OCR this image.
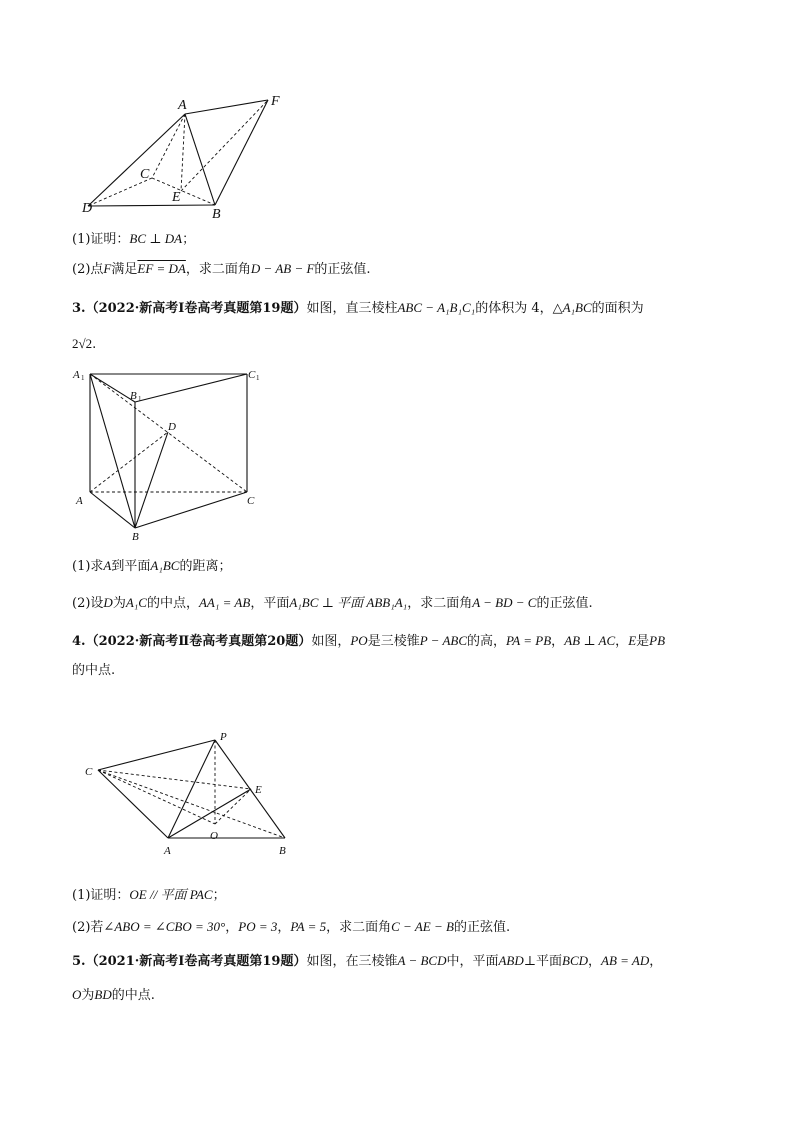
A	F
C
E
D	B
(1)证明：BC ⊥ DA；
(2)点F满足EF = DA，求二面角D − AB − F的正弦值.
3.（2022·新高考Ⅰ卷高考真题第19题）如图，直三棱柱ABC − A₁B₁C₁的体积为 4，△A₁BC的面积为
2√2.
A 1
B 1
C 1
D
A	C
B
(1)求A到平面A₁BC的距离；
(2)设D为A₁C的中点，AA₁ = AB，平面A₁BC ⊥ 平面 ABB₁A₁，求二面角A − BD − C的正弦值.
4.（2022·新高考Ⅱ卷高考真题第20题）如图，PO是三棱锥P − ABC的高，PA = PB，AB ⊥ AC，E是PB
的中点.
P
C
E
O
A	B
(1)证明：OE // 平面 PAC；
(2)若∠ABO = ∠CBO = 30°，PO = 3，PA = 5，求二面角C − AE − B的正弦值.
5.（2021·新高考Ⅰ卷高考真题第19题）如图，在三棱锥A − BCD中，平面ABD⊥平面BCD，AB = AD，
O为BD的中点.
